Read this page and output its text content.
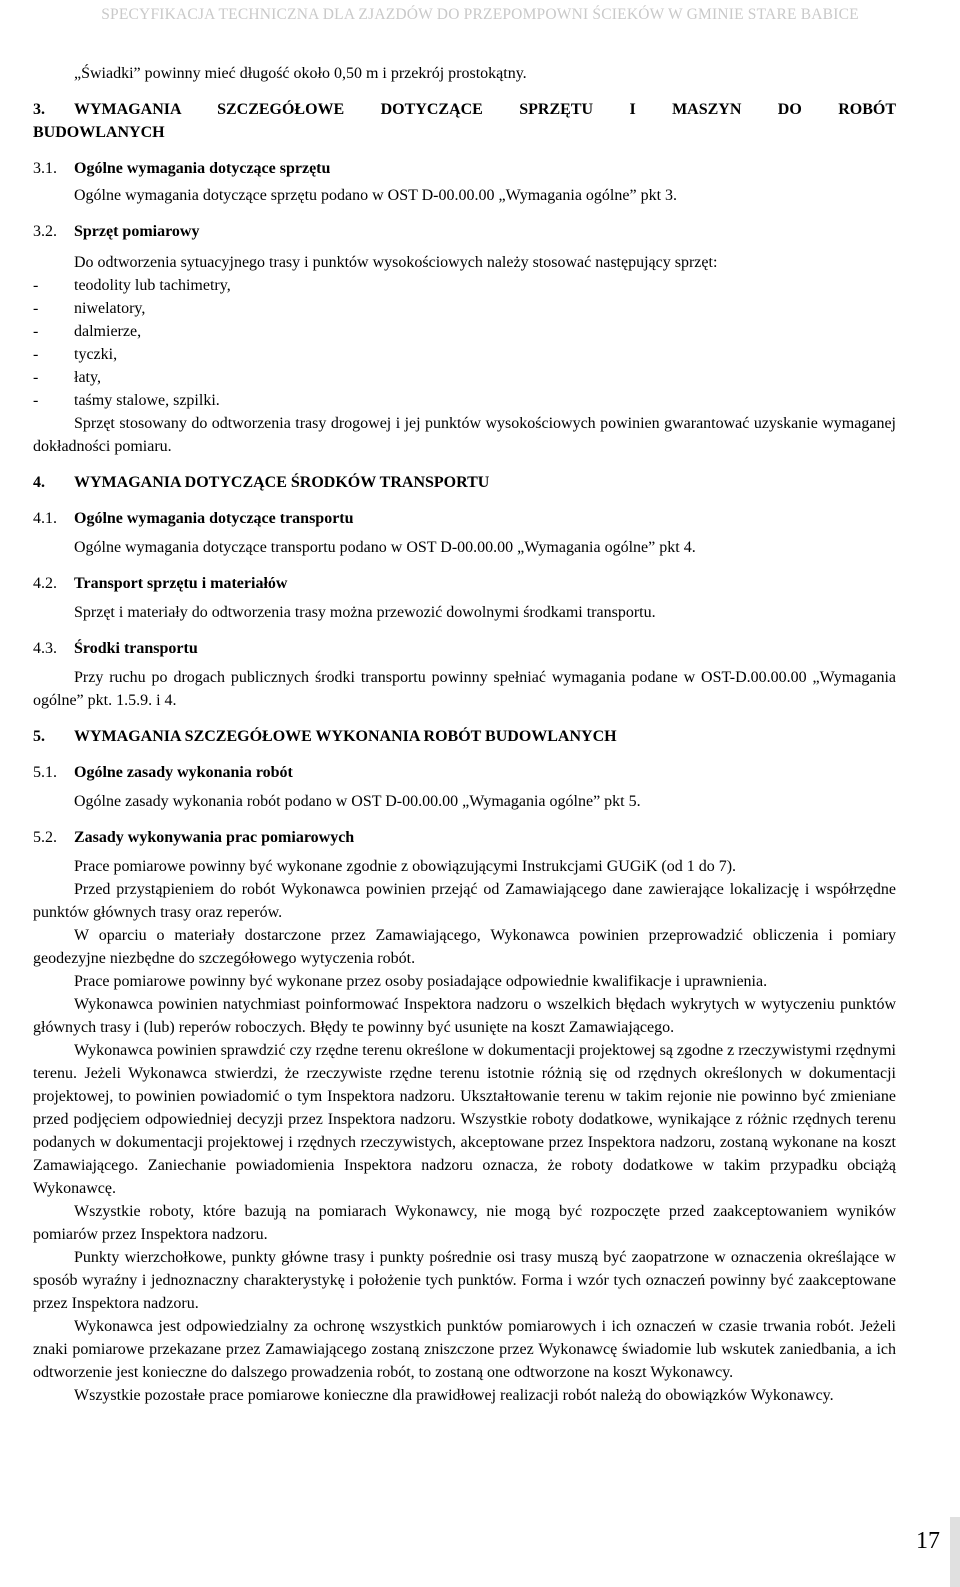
SPECYFIKACJA TECHNICZNA DLA ZJAZDÓW DO PRZEPOMPOWNI ŚCIEKÓW W GMINIE STARE BABICE

„Świadki” powinny mieć długość około 0,50 m i przekrój prostokątny.

3.	WYMAGANIA SZCZEGÓŁOWE DOTYCZĄCE SPRZĘTU I MASZYN DO ROBÓT
BUDOWLANYCH
3.1.	Ogólne wymagania dotyczące sprzętu

Ogólne wymagania dotyczące sprzętu podano w OST D-00.00.00 „Wymagania ogólne” pkt 3.

3.2.	Sprzęt pomiarowy

Do odtworzenia sytuacyjnego trasy i punktów wysokościowych należy stosować następujący sprzęt:

-	teodolity lub tachimetry,
-	niwelatory,
-	dalmierze,
-	tyczki,
-	łaty,
-	taśmy stalowe, szpilki.

Sprzęt stosowany do odtworzenia trasy drogowej i jej punktów wysokościowych powinien gwarantować uzyskanie wymaganej dokładności pomiaru.

4.	WYMAGANIA DOTYCZĄCE ŚRODKÓW TRANSPORTU
4.1.	Ogólne wymagania dotyczące transportu

Ogólne wymagania dotyczące transportu podano w OST D-00.00.00 „Wymagania ogólne” pkt 4.

4.2.	Transport sprzętu i materiałów

Sprzęt i materiały do odtworzenia trasy można przewozić dowolnymi środkami transportu.

4.3.	Środki transportu

Przy ruchu po drogach publicznych środki transportu powinny spełniać wymagania podane w OST-D.00.00.00 „Wymagania ogólne” pkt. 1.5.9. i 4.

5.	WYMAGANIA SZCZEGÓŁOWE WYKONANIA ROBÓT BUDOWLANYCH
5.1.	Ogólne zasady wykonania robót

Ogólne zasady wykonania robót podano w OST D-00.00.00 „Wymagania ogólne” pkt 5.

5.2.	Zasady wykonywania prac pomiarowych

Prace pomiarowe powinny być wykonane zgodnie z obowiązującymi Instrukcjami GUGiK (od 1 do 7).

Przed przystąpieniem do robót Wykonawca powinien przejąć od Zamawiającego dane zawierające lokalizację i współrzędne punktów głównych trasy oraz reperów.

W oparciu o materiały dostarczone przez Zamawiającego, Wykonawca powinien przeprowadzić obliczenia i pomiary geodezyjne niezbędne do szczegółowego wytyczenia robót.

Prace pomiarowe powinny być wykonane przez osoby posiadające odpowiednie kwalifikacje i uprawnienia.

Wykonawca powinien natychmiast poinformować Inspektora nadzoru o wszelkich błędach wykrytych w wytyczeniu punktów głównych trasy i (lub) reperów roboczych. Błędy te powinny być usunięte na koszt Zamawiającego.

Wykonawca powinien sprawdzić czy rzędne terenu określone w dokumentacji projektowej są zgodne z rzeczywistymi rzędnymi terenu. Jeżeli Wykonawca stwierdzi, że rzeczywiste rzędne terenu istotnie różnią się od rzędnych określonych w dokumentacji projektowej, to powinien powiadomić o tym Inspektora nadzoru. Ukształtowanie terenu w takim rejonie nie powinno być zmieniane przed podjęciem odpowiedniej decyzji przez Inspektora nadzoru. Wszystkie roboty dodatkowe, wynikające z różnic rzędnych terenu podanych w dokumentacji projektowej i rzędnych rzeczywistych, akceptowane przez Inspektora nadzoru, zostaną wykonane na koszt Zamawiającego. Zaniechanie powiadomienia Inspektora nadzoru oznacza, że roboty dodatkowe w takim przypadku obciążą Wykonawcę.

Wszystkie roboty, które bazują na pomiarach Wykonawcy, nie mogą być rozpoczęte przed zaakceptowaniem wyników pomiarów przez Inspektora nadzoru.

Punkty wierzchołkowe, punkty główne trasy i punkty pośrednie osi trasy muszą być zaopatrzone w oznaczenia określające w sposób wyraźny i jednoznaczny charakterystykę i położenie tych punktów. Forma i wzór tych oznaczeń powinny być zaakceptowane przez Inspektora nadzoru.

Wykonawca jest odpowiedzialny za ochronę wszystkich punktów pomiarowych i ich oznaczeń w czasie trwania robót. Jeżeli znaki pomiarowe przekazane przez Zamawiającego zostaną zniszczone przez Wykonawcę świadomie lub wskutek zaniedbania, a ich odtworzenie jest konieczne do dalszego prowadzenia robót, to zostaną one odtworzone na koszt Wykonawcy.

Wszystkie pozostałe prace pomiarowe konieczne dla prawidłowej realizacji robót należą do obowiązków Wykonawcy.

17
